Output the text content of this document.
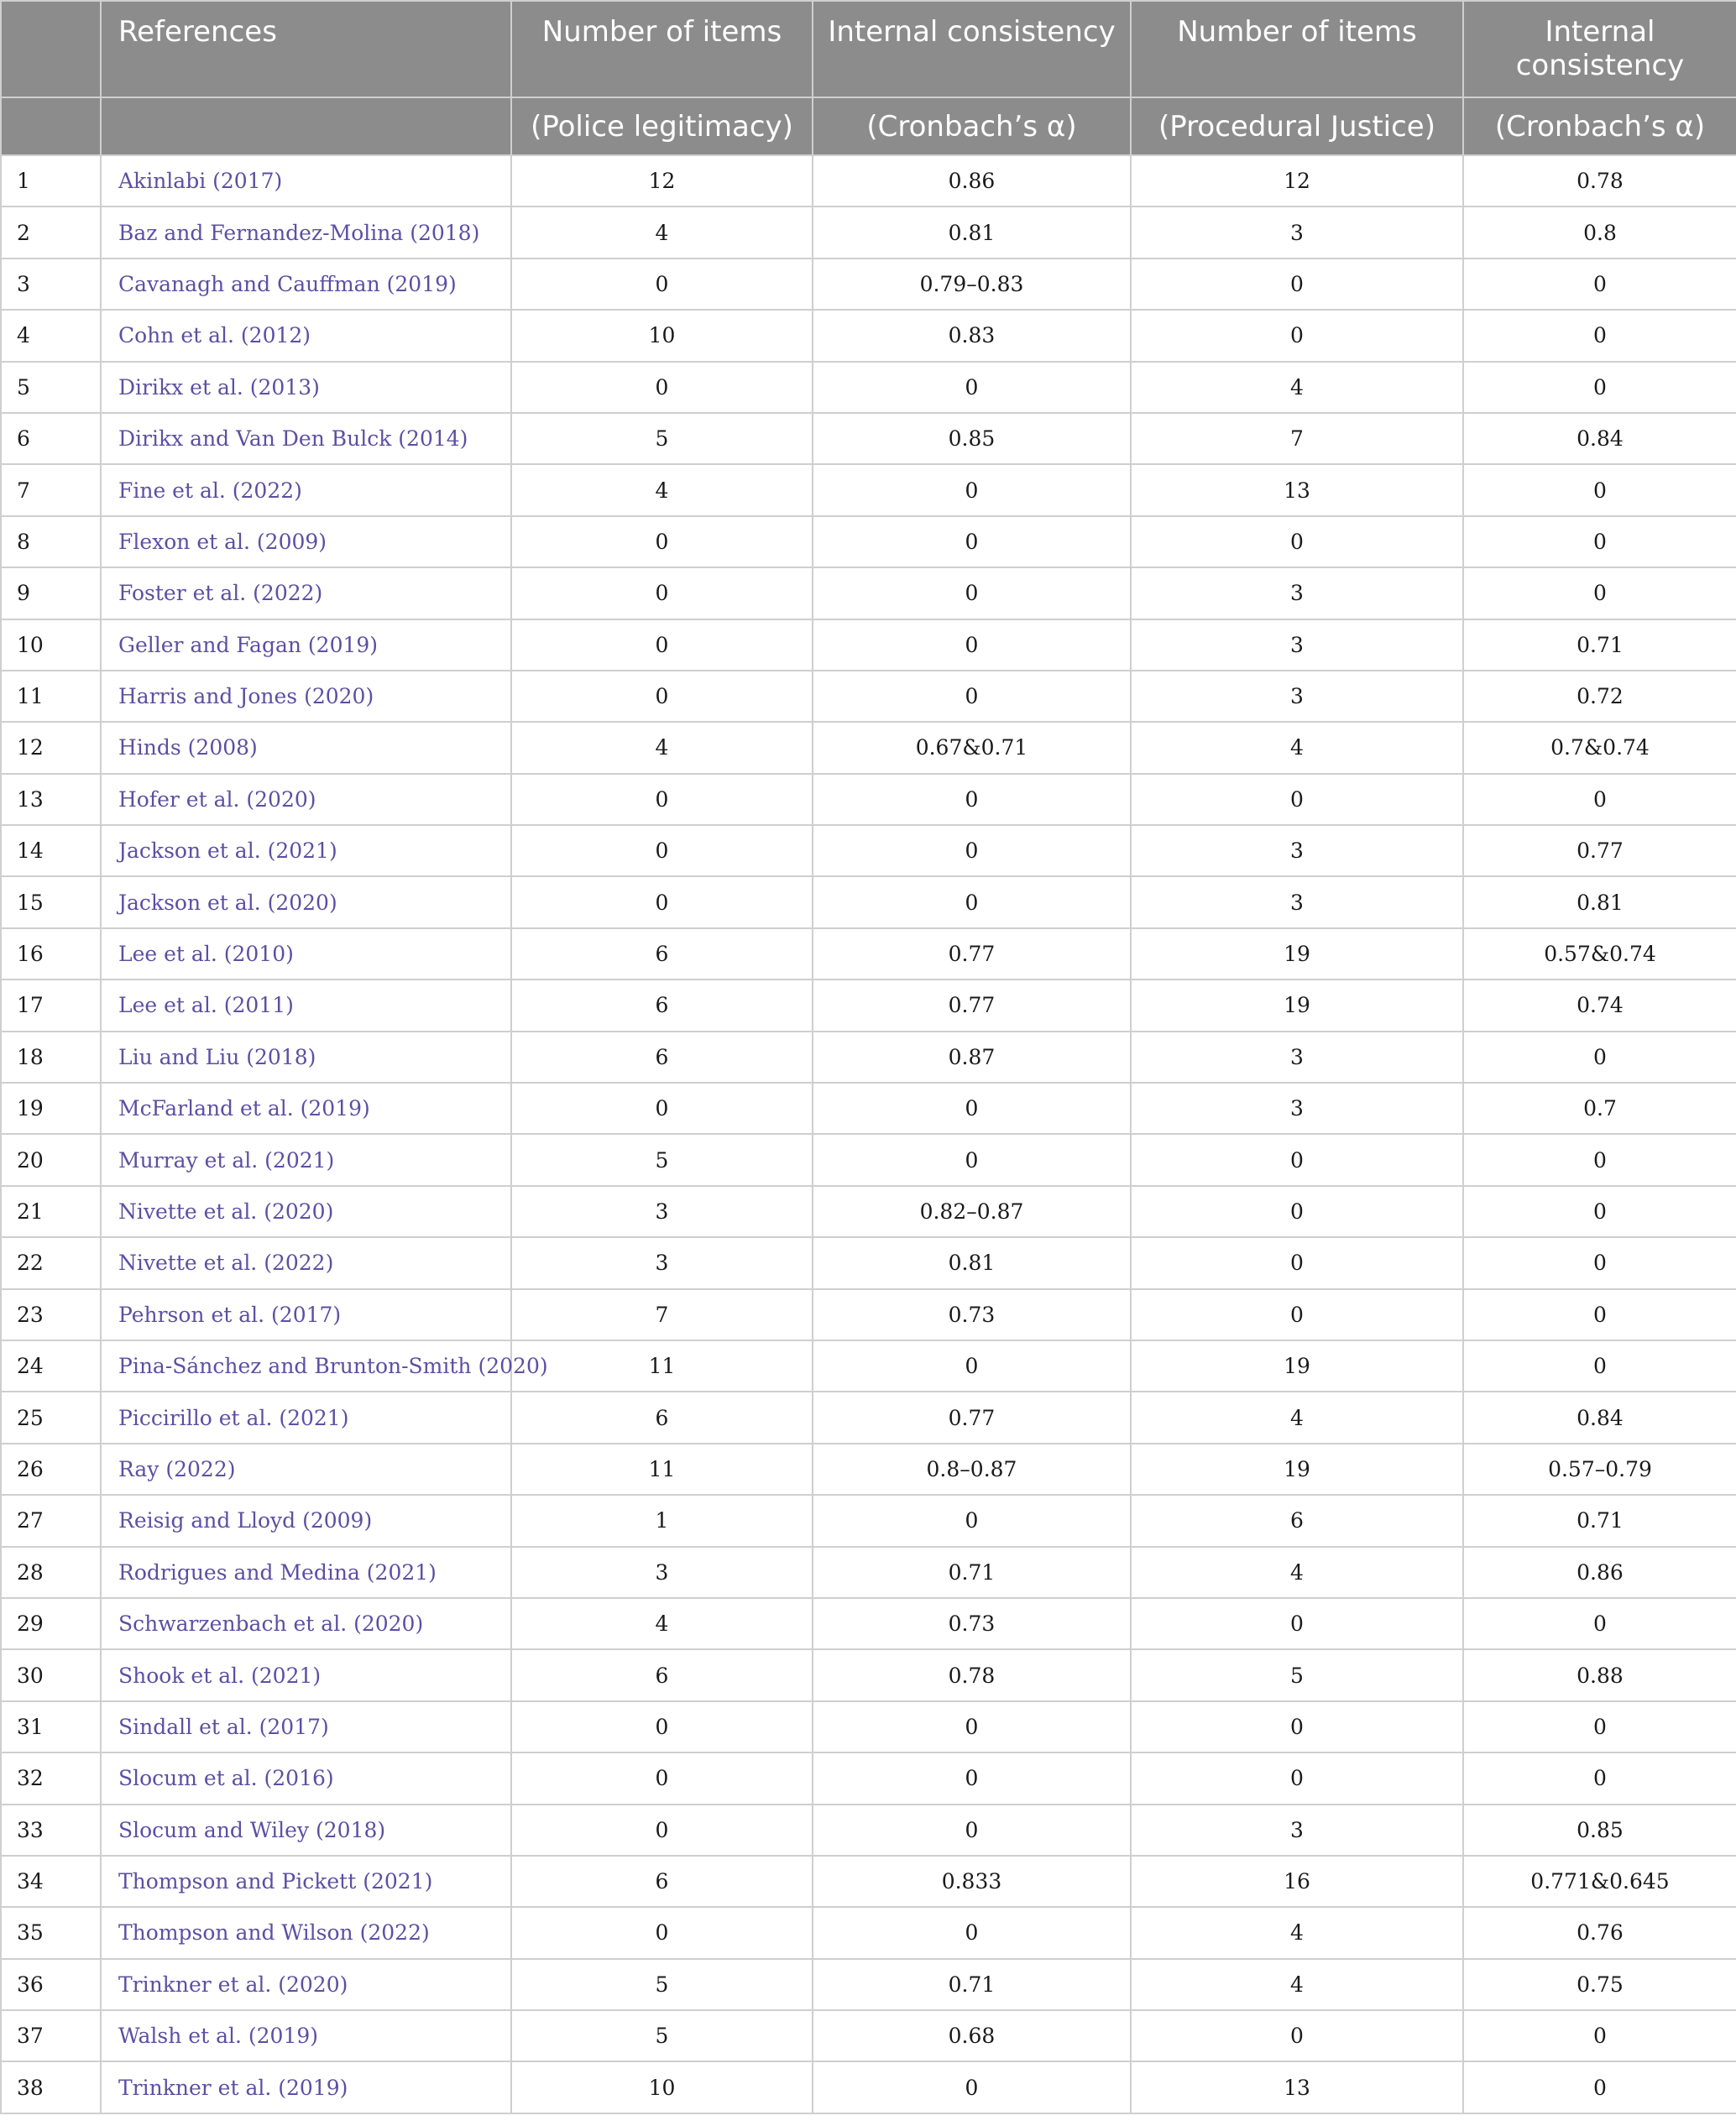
	References	Number of items	Internal consistency	Number of items	Internal consistency
		(Police legitimacy)	(Cronbach’s α)	(Procedural Justice)	(Cronbach’s α)
1	Akinlabi (2017)	12	0.86	12	0.78
2	Baz and Fernandez-Molina (2018)	4	0.81	3	0.8
3	Cavanagh and Cauffman (2019)	0	0.79–0.83	0	0
4	Cohn et al. (2012)	10	0.83	0	0
5	Dirikx et al. (2013)	0	0	4	0
6	Dirikx and Van Den Bulck (2014)	5	0.85	7	0.84
7	Fine et al. (2022)	4	0	13	0
8	Flexon et al. (2009)	0	0	0	0
9	Foster et al. (2022)	0	0	3	0
10	Geller and Fagan (2019)	0	0	3	0.71
11	Harris and Jones (2020)	0	0	3	0.72
12	Hinds (2008)	4	0.67&0.71	4	0.7&0.74
13	Hofer et al. (2020)	0	0	0	0
14	Jackson et al. (2021)	0	0	3	0.77
15	Jackson et al. (2020)	0	0	3	0.81
16	Lee et al. (2010)	6	0.77	19	0.57&0.74
17	Lee et al. (2011)	6	0.77	19	0.74
18	Liu and Liu (2018)	6	0.87	3	0
19	McFarland et al. (2019)	0	0	3	0.7
20	Murray et al. (2021)	5	0	0	0
21	Nivette et al. (2020)	3	0.82–0.87	0	0
22	Nivette et al. (2022)	3	0.81	0	0
23	Pehrson et al. (2017)	7	0.73	0	0
24	Pina-Sánchez and Brunton-Smith (2020)	11	0	19	0
25	Piccirillo et al. (2021)	6	0.77	4	0.84
26	Ray (2022)	11	0.8–0.87	19	0.57–0.79
27	Reisig and Lloyd (2009)	1	0	6	0.71
28	Rodrigues and Medina (2021)	3	0.71	4	0.86
29	Schwarzenbach et al. (2020)	4	0.73	0	0
30	Shook et al. (2021)	6	0.78	5	0.88
31	Sindall et al. (2017)	0	0	0	0
32	Slocum et al. (2016)	0	0	0	0
33	Slocum and Wiley (2018)	0	0	3	0.85
34	Thompson and Pickett (2021)	6	0.833	16	0.771&0.645
35	Thompson and Wilson (2022)	0	0	4	0.76
36	Trinkner et al. (2020)	5	0.71	4	0.75
37	Walsh et al. (2019)	5	0.68	0	0
38	Trinkner et al. (2019)	10	0	13	0
